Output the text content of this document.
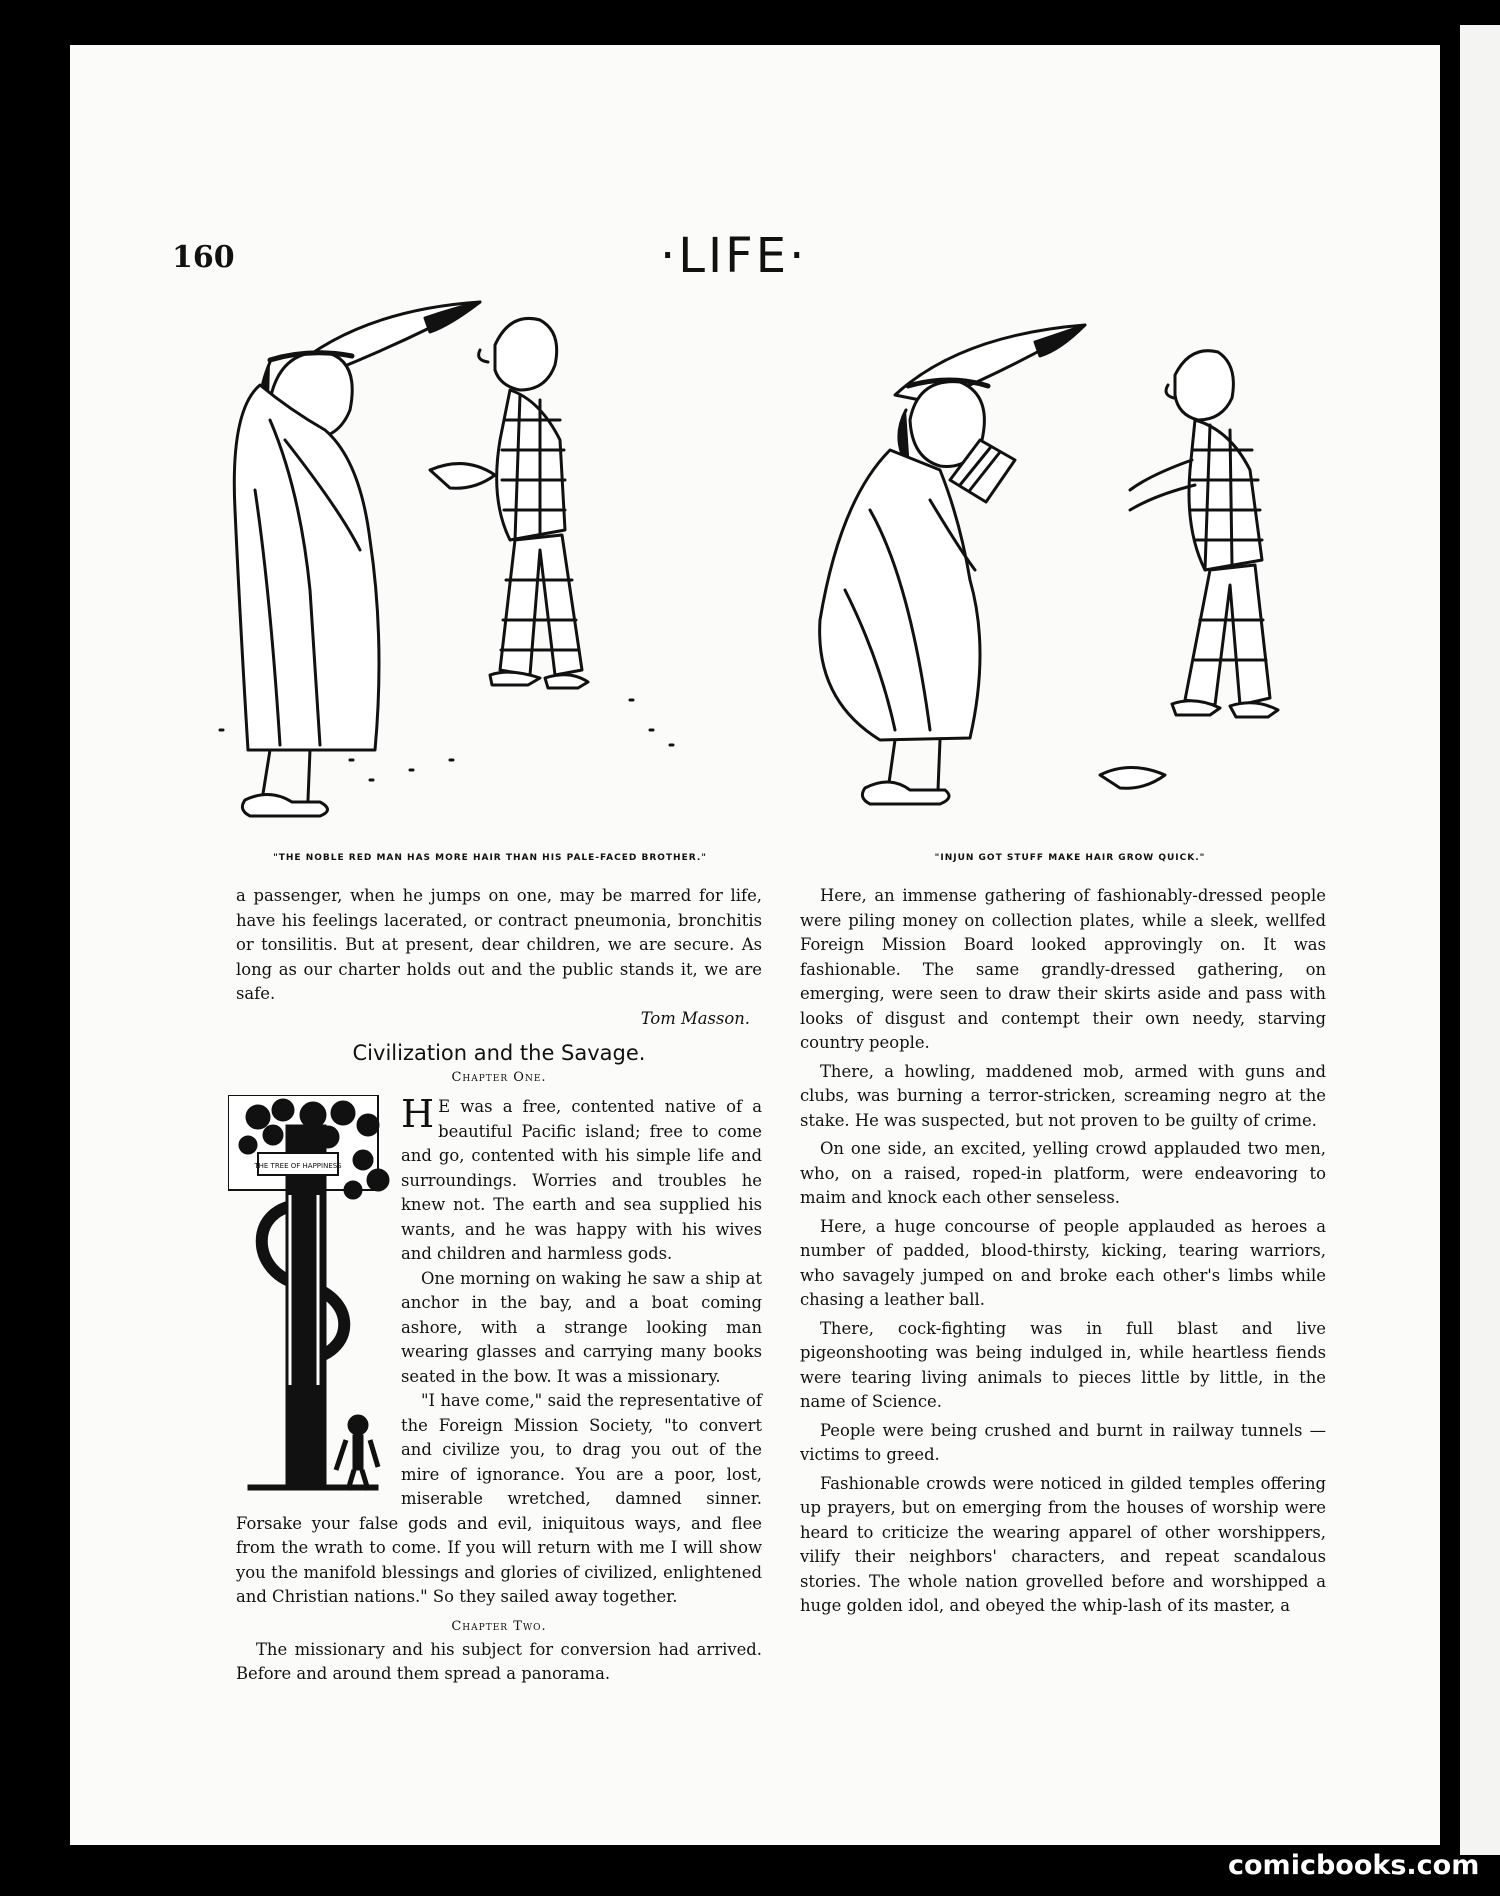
160	·LIFE·
"THE NOBLE RED MAN HAS MORE HAIR THAN HIS PALE-FACED BROTHER."	"INJUN GOT STUFF MAKE HAIR GROW QUICK."

a passenger, when he jumps on one, may be marred for life, have his feelings lacerated, or contract pneumonia, bronchitis or tonsilitis. But at present, dear children, we are secure. As long as our charter holds out and the public stands it, we are safe.

Tom Masson.
Civilization and the Savage.
Chapter One.
THE TREE OF HAPPINESS

H E was a free, contented native of a beautiful Pacific island; free to come and go, contented with his simple life and surroundings. Worries and troubles he knew not. The earth and sea supplied his wants, and he was happy with his wives and children and harmless gods.

One morning on waking he saw a ship at anchor in the bay, and a boat coming ashore, with a strange looking man wearing glasses and carrying many books seated in the bow. It was a missionary.

"I have come," said the representative of the Foreign Mission Society, "to convert and civilize you, to drag you out of the mire of ignorance. You are a poor, lost, miserable wretched, damned sinner. Forsake your false gods and evil, iniquitous ways, and flee from the wrath to come. If you will return with me I will show you the manifold blessings and glories of civilized, enlightened and Christian nations." So they sailed away together.

Chapter Two.

The missionary and his subject for conversion had arrived. Before and around them spread a panorama.

Here, an immense gathering of fashionably-dressed people were piling money on collection plates, while a sleek, wellfed Foreign Mission Board looked approvingly on. It was fashionable. The same grandly-dressed gathering, on emerging, were seen to draw their skirts aside and pass with looks of disgust and contempt their own needy, starving country people.

There, a howling, maddened mob, armed with guns and clubs, was burning a terror-stricken, screaming negro at the stake. He was suspected, but not proven to be guilty of crime.

On one side, an excited, yelling crowd applauded two men, who, on a raised, roped-in platform, were endeavoring to maim and knock each other senseless.

Here, a huge concourse of people applauded as heroes a number of padded, blood-thirsty, kicking, tearing warriors, who savagely jumped on and broke each other's limbs while chasing a leather ball.

There, cock-fighting was in full blast and live pigeonshooting was being indulged in, while heartless fiends were tearing living animals to pieces little by little, in the name of Science.

People were being crushed and burnt in railway tunnels —victims to greed.

Fashionable crowds were noticed in gilded temples offering up prayers, but on emerging from the houses of worship were heard to criticize the wearing apparel of other worshippers, vilify their neighbors' characters, and repeat scandalous stories. The whole nation grovelled before and worshipped a huge golden idol, and obeyed the whip-lash of its master, a

comicbooks.com
